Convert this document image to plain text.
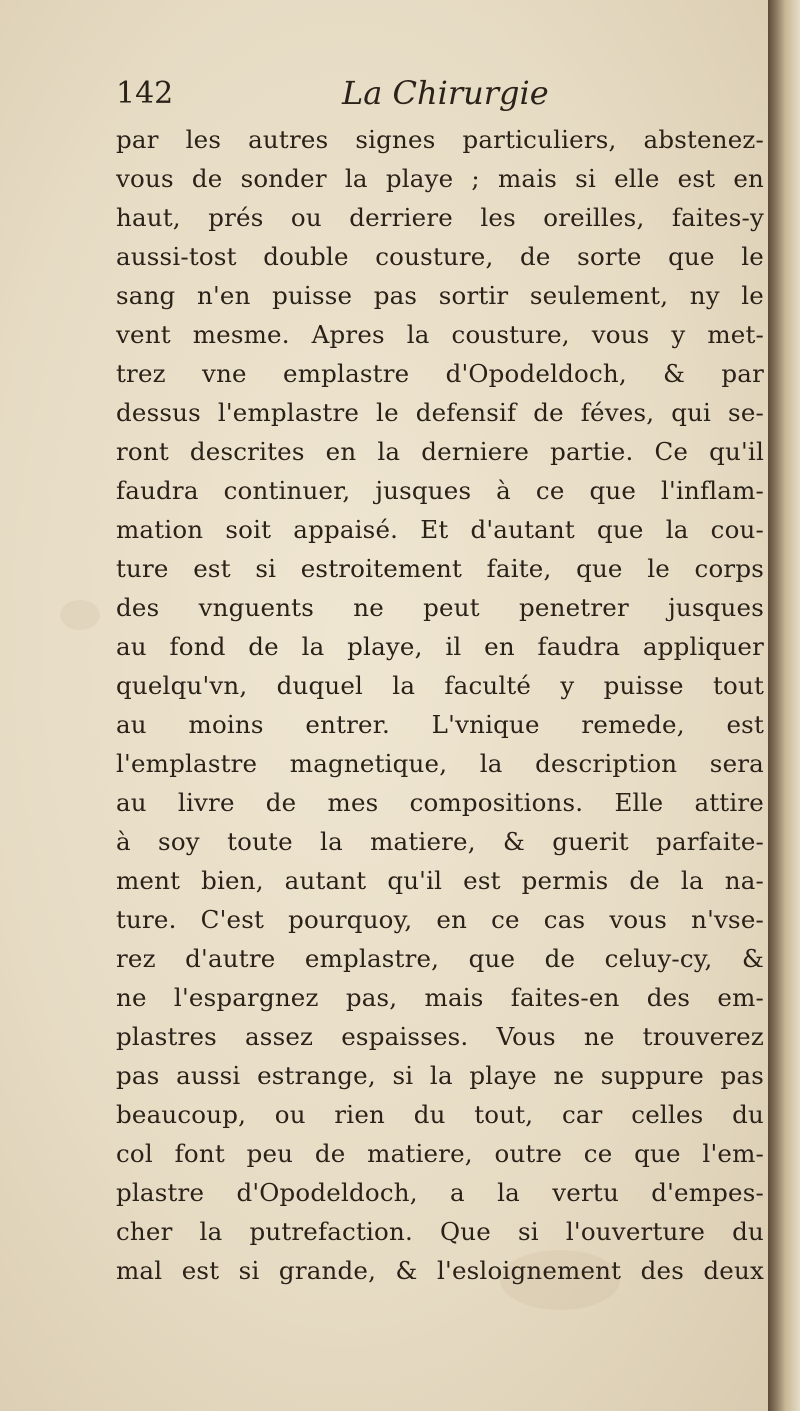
142	La Chirurgie
par les autres signes particuliers, abstenez-
vous de sonder la playe ; mais si elle est en
haut, prés ou derriere les oreilles, faites-y
aussi-tost double cousture, de sorte que le
sang n'en puisse pas sortir seulement, ny le
vent mesme. Apres la cousture, vous y met-
trez vne emplastre d'Opodeldoch, & par
dessus l'emplastre le defensif de féves, qui se-
ront descrites en la derniere partie. Ce qu'il
faudra continuer, jusques à ce que l'inflam-
mation soit appaisé. Et d'autant que la cou-
ture est si estroitement faite, que le corps
des vnguents ne peut penetrer jusques
au fond de la playe, il en faudra appliquer
quelqu'vn, duquel la faculté y puisse tout
au moins entrer. L'vnique remede, est
l'emplastre magnetique, la description sera
au livre de mes compositions. Elle attire
à soy toute la matiere, & guerit parfaite-
ment bien, autant qu'il est permis de la na-
ture. C'est pourquoy, en ce cas vous n'vse-
rez d'autre emplastre, que de celuy-cy, &
ne l'espargnez pas, mais faites-en des em-
plastres assez espaisses. Vous ne trouverez
pas aussi estrange, si la playe ne suppure pas
beaucoup, ou rien du tout, car celles du
col font peu de matiere, outre ce que l'em-
plastre d'Opodeldoch, a la vertu d'empes-
cher la putrefaction. Que si l'ouverture du
mal est si grande, & l'esloignement des deux
